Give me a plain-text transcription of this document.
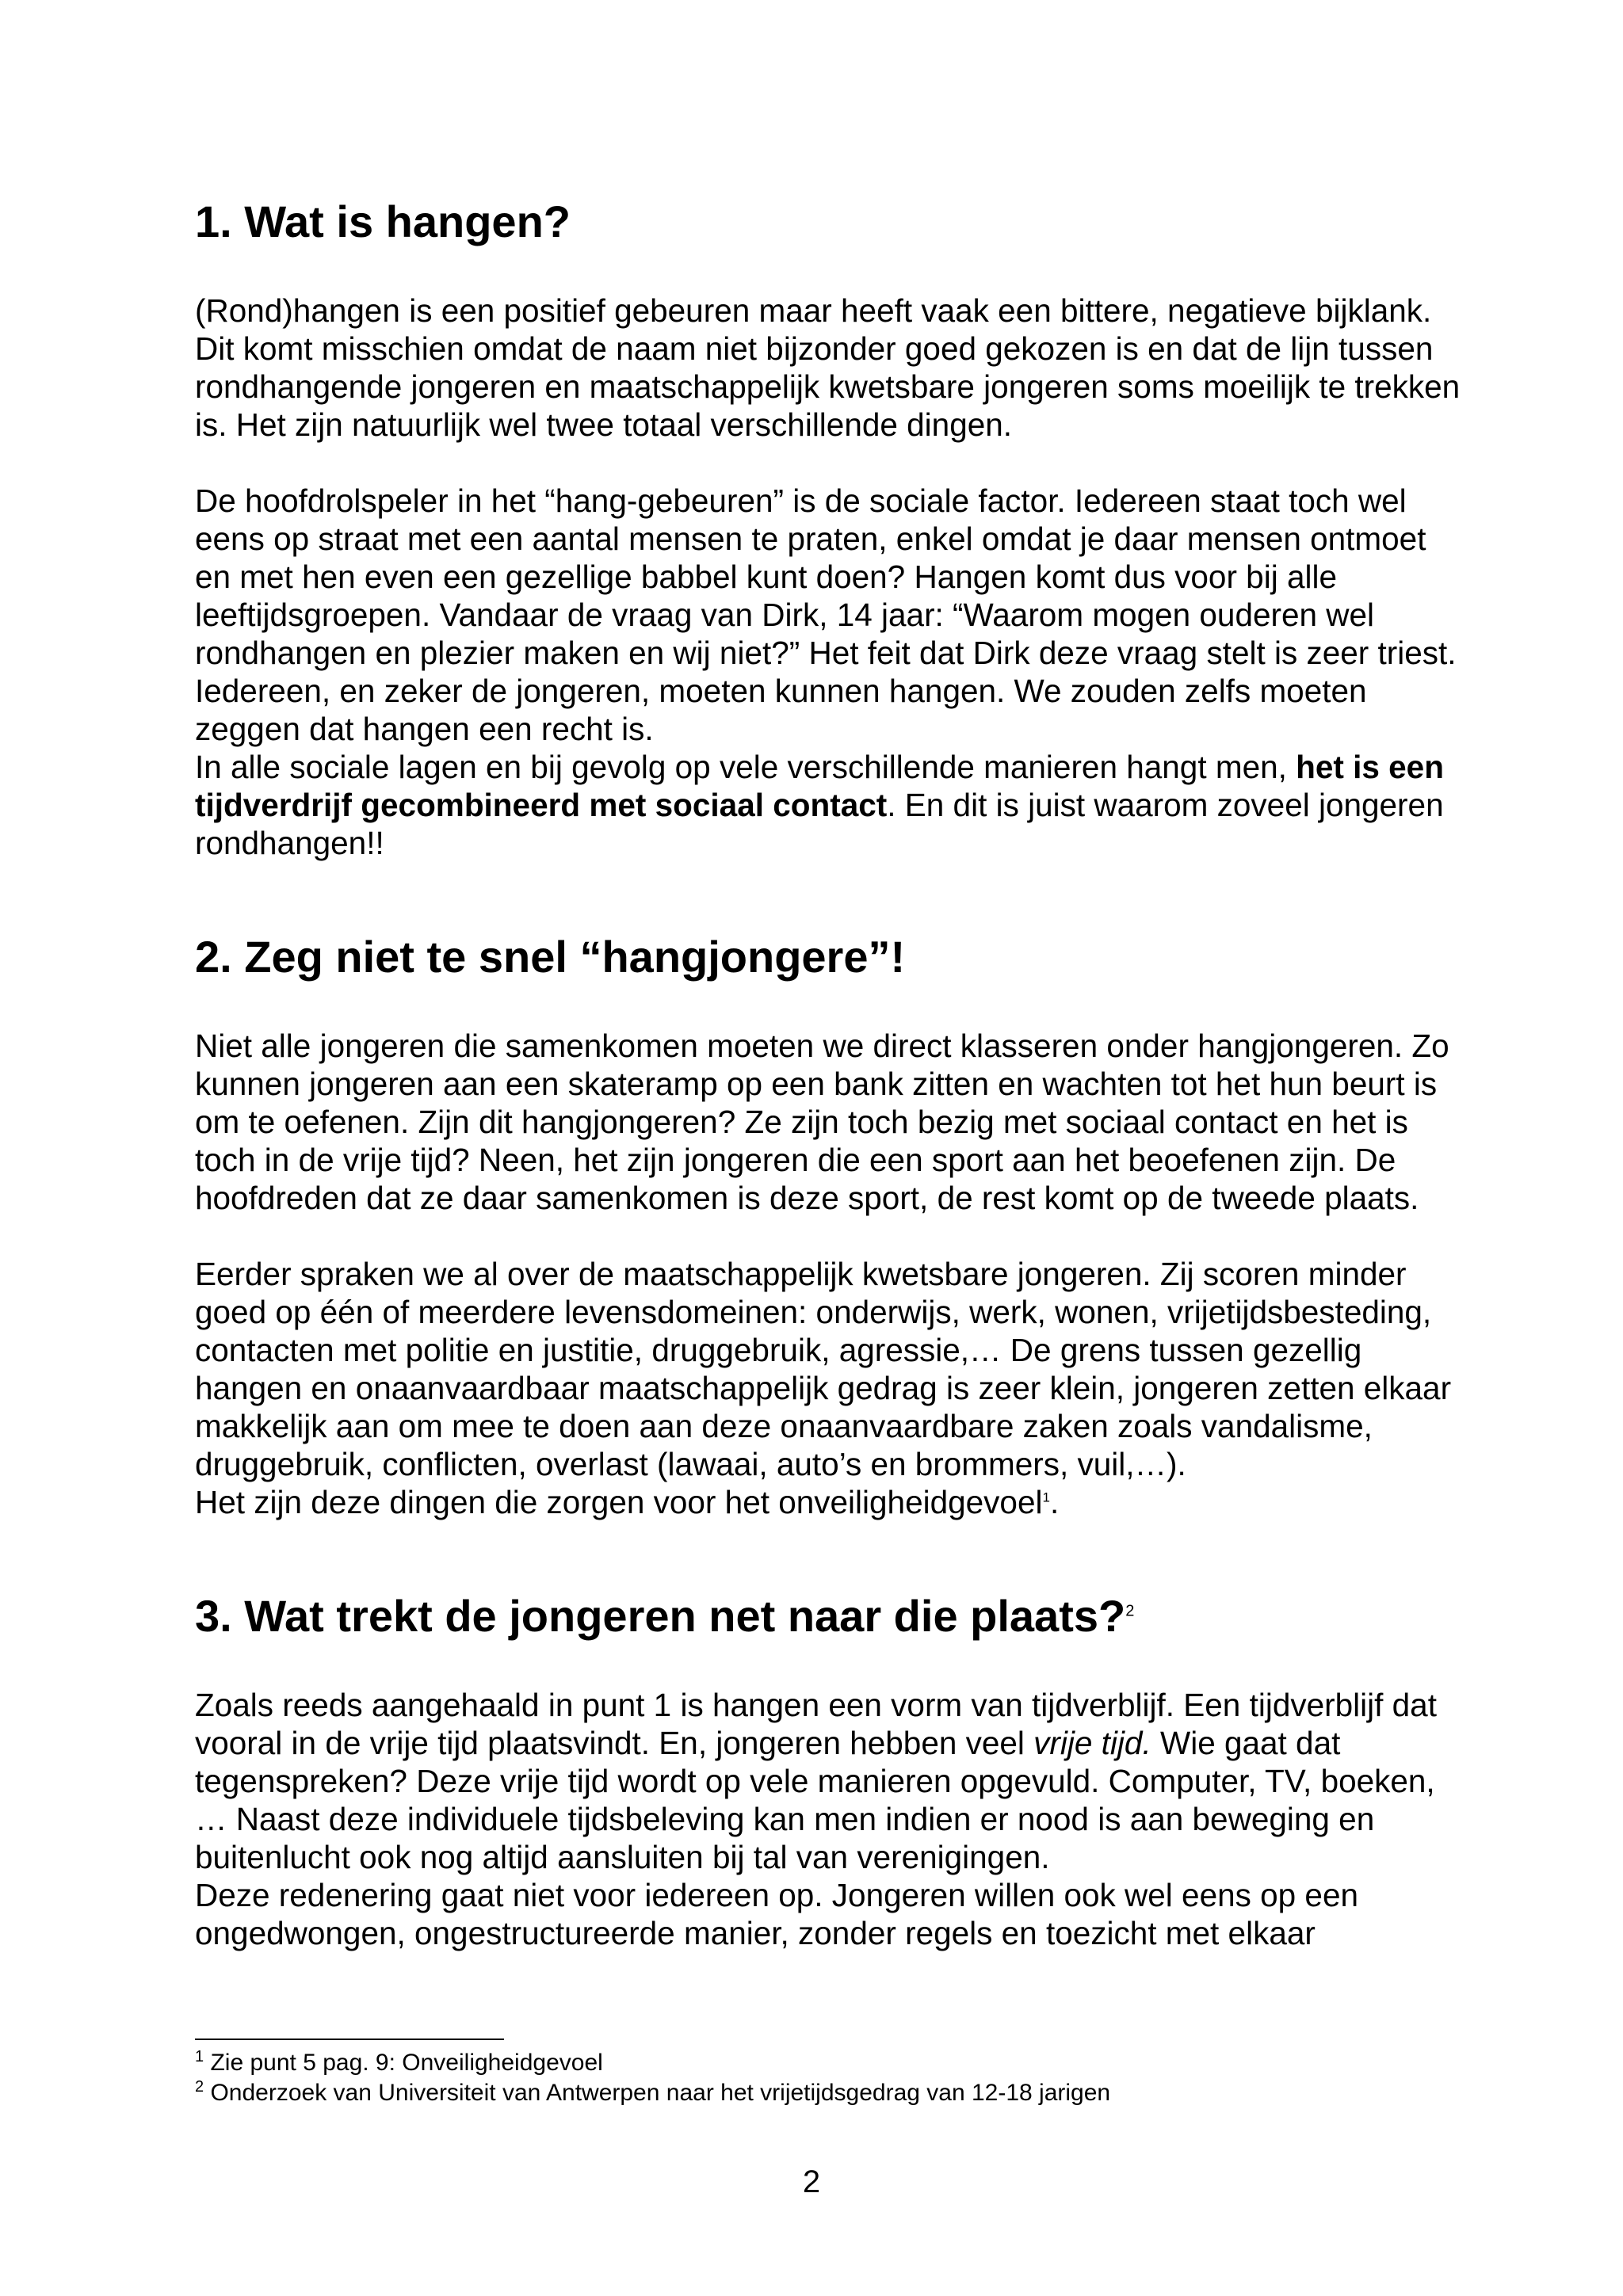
1. Wat is hangen?

(Rond)hangen is een positief gebeuren maar heeft vaak een bittere, negatieve bijklank. Dit komt misschien omdat de naam niet bijzonder goed gekozen is en dat de lijn tussen rondhangende jongeren en maatschappelijk kwetsbare jongeren soms moeilijk te trekken is. Het zijn natuurlijk wel twee totaal verschillende dingen.

De hoofdrolspeler in het “hang-gebeuren” is de sociale factor. Iedereen staat toch wel eens op straat met een aantal mensen te praten, enkel omdat je daar mensen ontmoet en met hen even een gezellige babbel kunt doen? Hangen komt dus voor bij alle leeftijdsgroepen. Vandaar de vraag van Dirk, 14 jaar: “Waarom mogen ouderen wel rondhangen en plezier maken en wij niet?” Het feit dat Dirk deze vraag stelt is zeer triest. Iedereen, en zeker de jongeren, moeten kunnen hangen. We zouden zelfs moeten zeggen dat hangen een recht is.

In alle sociale lagen en bij gevolg op vele verschillende manieren hangt men, het is een tijdverdrijf gecombineerd met sociaal contact. En dit is juist waarom zoveel jongeren rondhangen!!

2. Zeg niet te snel “hangjongere”!

Niet alle jongeren die samenkomen moeten we direct klasseren onder hangjongeren. Zo kunnen jongeren aan een skateramp op een bank zitten en wachten tot het hun beurt is om te oefenen. Zijn dit hangjongeren? Ze zijn toch bezig met sociaal contact en het is toch in de vrije tijd? Neen, het zijn jongeren die een sport aan het beoefenen zijn. De hoofdreden dat ze daar samenkomen is deze sport, de rest komt op de tweede plaats.

Eerder spraken we al over de maatschappelijk kwetsbare jongeren. Zij scoren minder goed op één of meerdere levensdomeinen: onderwijs, werk, wonen, vrijetijdsbesteding, contacten met politie en justitie, druggebruik, agressie,… De grens tussen gezellig hangen en onaanvaardbaar maatschappelijk gedrag is zeer klein, jongeren zetten elkaar makkelijk aan om mee te doen aan deze onaanvaardbare zaken zoals vandalisme, druggebruik, conflicten, overlast (lawaai, auto’s en brommers, vuil,…).

Het zijn deze dingen die zorgen voor het onveiligheidgevoel$^1$.

3. Wat trekt de jongeren net naar die plaats?$^2$

Zoals reeds aangehaald in punt 1 is hangen een vorm van tijdverblijf. Een tijdverblijf dat vooral in de vrije tijd plaatsvindt. En, jongeren hebben veel vrije tijd. Wie gaat dat tegenspreken? Deze vrije tijd wordt op vele manieren opgevuld. Computer, TV, boeken, … Naast deze individuele tijdsbeleving kan men indien er nood is aan beweging en buitenlucht ook nog altijd aansluiten bij tal van verenigingen.

Deze redenering gaat niet voor iedereen op. Jongeren willen ook wel eens op een ongedwongen, ongestructureerde manier, zonder regels en toezicht met elkaar

$^1$ Zie punt 5 pag. 9: Onveiligheidgevoel

$^2$ Onderzoek van Universiteit van Antwerpen naar het vrijetijdsgedrag van 12-18 jarigen

2
